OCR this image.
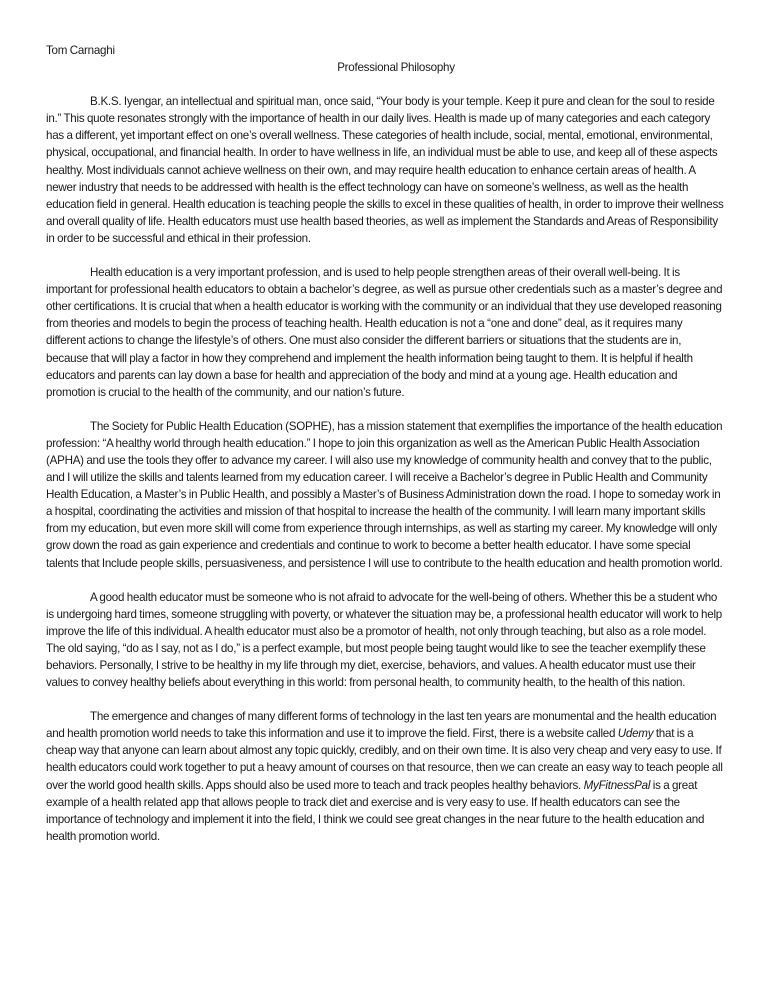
Tom Carnaghi

Professional Philosophy

B.K.S. Iyengar, an intellectual and spiritual man, once said, “Your body is your temple. Keep it pure and clean for the soul to reside in.” This quote resonates strongly with the importance of health in our daily lives. Health is made up of many categories and each category has a different, yet important effect on one’s overall wellness. These categories of health include, social, mental, emotional, environmental, physical, occupational, and financial health. In order to have wellness in life, an individual must be able to use, and keep all of these aspects healthy. Most individuals cannot achieve wellness on their own, and may require health education to enhance certain areas of health. A newer industry that needs to be addressed with health is the effect technology can have on someone’s wellness, as well as the health education field in general. Health education is teaching people the skills to excel in these qualities of health, in order to improve their wellness and overall quality of life. Health educators must use health based theories, as well as implement the Standards and Areas of Responsibility in order to be successful and ethical in their profession.

Health education is a very important profession, and is used to help people strengthen areas of their overall well-being. It is important for professional health educators to obtain a bachelor’s degree, as well as pursue other credentials such as a master’s degree and other certifications. It is crucial that when a health educator is working with the community or an individual that they use developed reasoning from theories and models to begin the process of teaching health. Health education is not a “one and done” deal, as it requires many different actions to change the lifestyle’s of others. One must also consider the different barriers or situations that the students are in, because that will play a factor in how they comprehend and implement the health information being taught to them. It is helpful if health educators and parents can lay down a base for health and appreciation of the body and mind at a young age. Health education and promotion is crucial to the health of the community, and our nation’s future.

The Society for Public Health Education (SOPHE), has a mission statement that exemplifies the importance of the health education profession: “A healthy world through health education.” I hope to join this organization as well as the American Public Health Association (APHA) and use the tools they offer to advance my career. I will also use my knowledge of community health and convey that to the public, and I will utilize the skills and talents learned from my education career. I will receive a Bachelor’s degree in Public Health and Community Health Education, a Master’s in Public Health, and possibly a Master’s of Business Administration down the road. I hope to someday work in a hospital, coordinating the activities and mission of that hospital to increase the health of the community. I will learn many important skills from my education, but even more skill will come from experience through internships, as well as starting my career. My knowledge will only grow down the road as gain experience and credentials and continue to work to become a better health educator. I have some special talents that Include people skills, persuasiveness, and persistence I will use to contribute to the health education and health promotion world.

A good health educator must be someone who is not afraid to advocate for the well-being of others. Whether this be a student who is undergoing hard times, someone struggling with poverty, or whatever the situation may be, a professional health educator will work to help improve the life of this individual. A health educator must also be a promotor of health, not only through teaching, but also as a role model. The old saying, “do as I say, not as I do,” is a perfect example, but most people being taught would like to see the teacher exemplify these behaviors. Personally, I strive to be healthy in my life through my diet, exercise, behaviors, and values. A health educator must use their values to convey healthy beliefs about everything in this world: from personal health, to community health, to the health of this nation.

The emergence and changes of many different forms of technology in the last ten years are monumental and the health education and health promotion world needs to take this information and use it to improve the field. First, there is a website called Udemy that is a cheap way that anyone can learn about almost any topic quickly, credibly, and on their own time. It is also very cheap and very easy to use. If health educators could work together to put a heavy amount of courses on that resource, then we can create an easy way to teach people all over the world good health skills. Apps should also be used more to teach and track peoples healthy behaviors. MyFitnessPal is a great example of a health related app that allows people to track diet and exercise and is very easy to use. If health educators can see the importance of technology and implement it into the field, I think we could see great changes in the near future to the health education and health promotion world.
